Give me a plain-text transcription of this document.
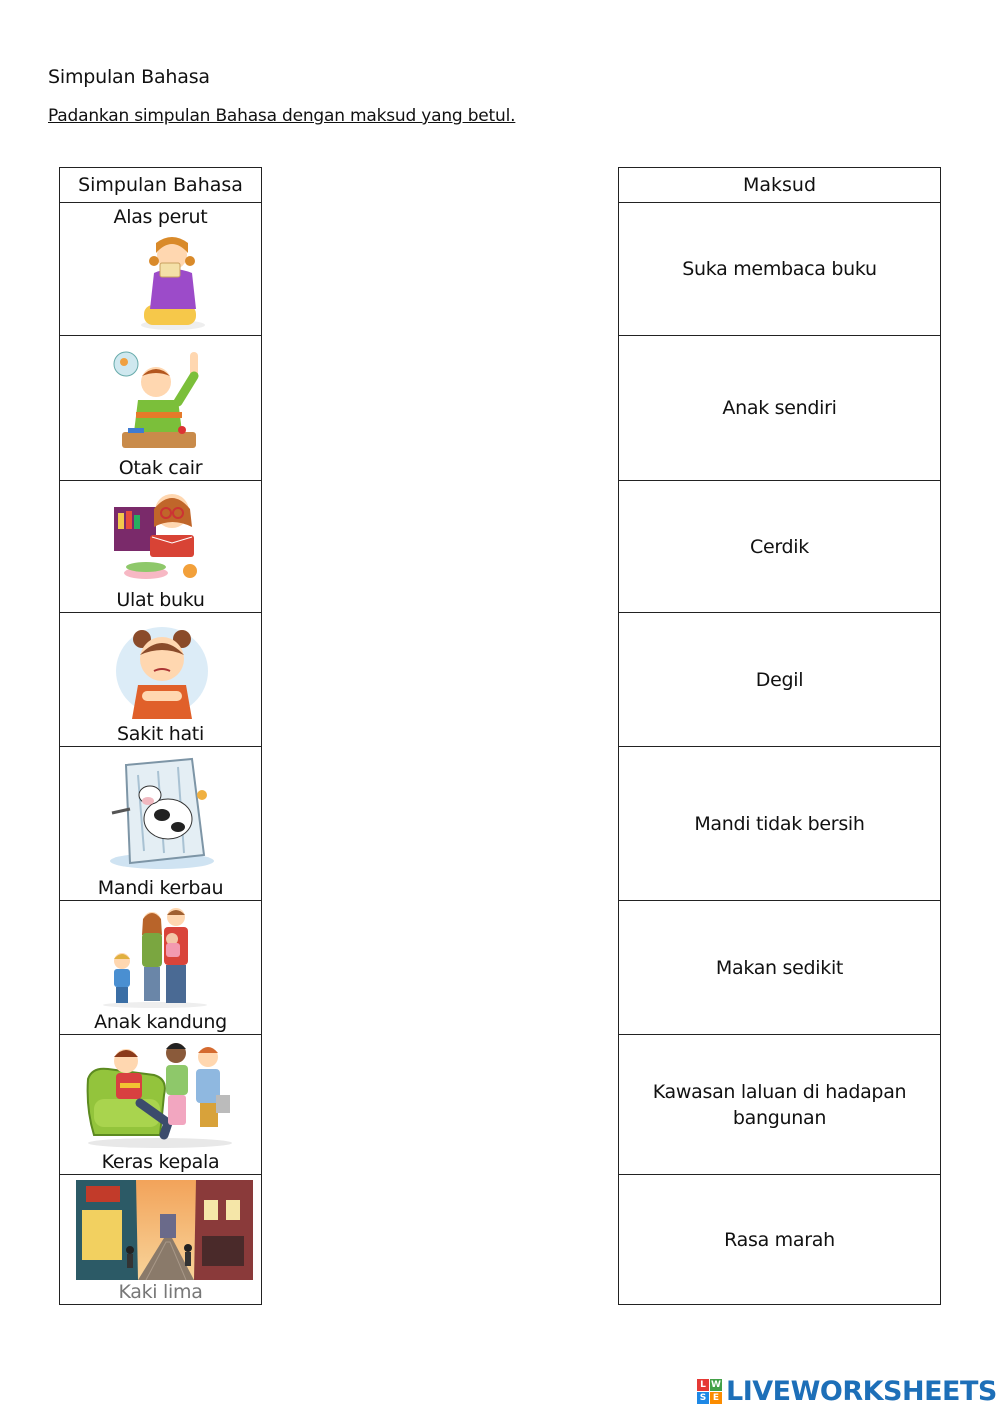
Simpulan Bahasa
Padankan simpulan Bahasa dengan maksud yang betul.
Simpulan Bahasa

Alas perut

Otak cair

Ulat buku

Sakit hati

Mandi kerbau

Anak kandung

Keras kepala

Kaki lima
Maksud
Suka membaca buku
Anak sendiri
Cerdik
Degil
Mandi tidak bersih
Makan sedikit
Kawasan laluan di hadapan bangunan
Rasa marah
L W
S E LIVEWORKSHEETS
